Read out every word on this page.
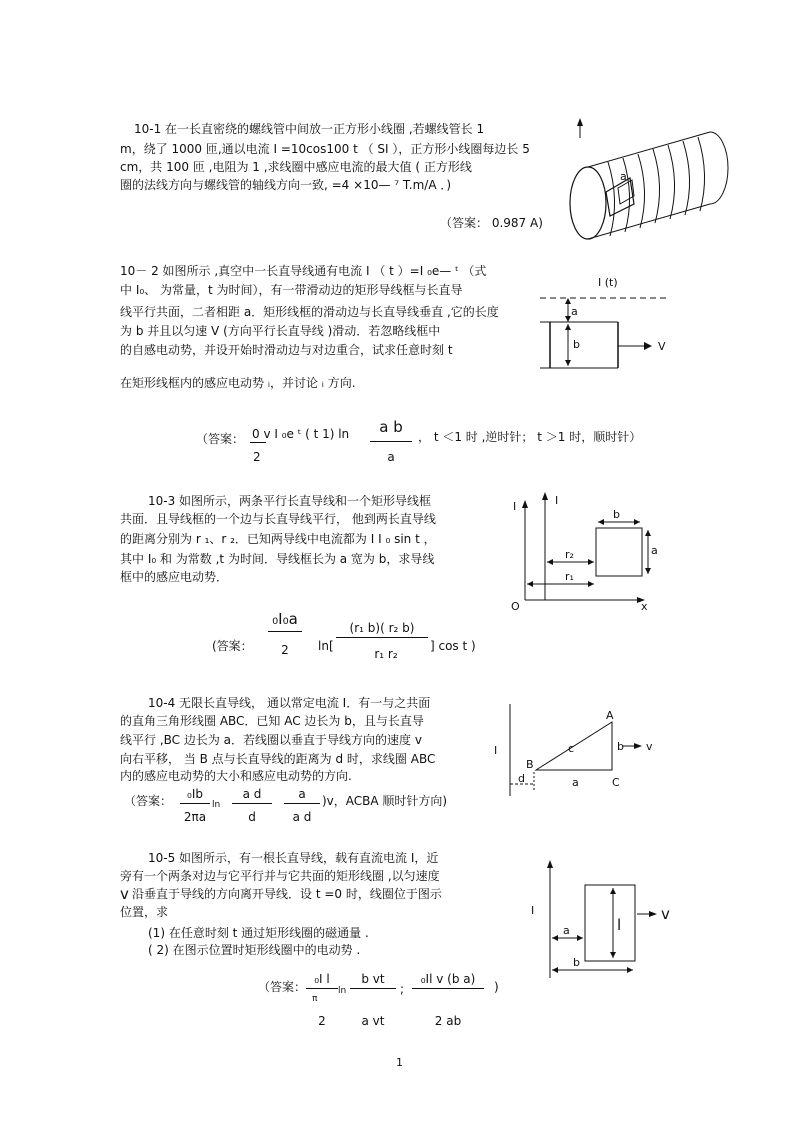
10-1 在一长直密绕的螺线管中间放一正方形小线圈 ,若螺线管长 1
m，绕了 1000 匝,通以电流 I =10cos100 t （ SI ），正方形小线圈每边长 5
cm，共 100 匝 ,电阻为 1 ,求线圈中感应电流的最大值 ( 正方形线
圈的法线方向与螺线管的轴线方向一致, =4 ×10— ⁷ T.m/A ．)
（答案： 0.987 A)
a
10－ 2 如图所示 ,真空中一长直导线通有电流 I （ t ）=I ₀e— ᵗ （式
中 I₀、 为常量，t 为时间），有一带滑动边的矩形导线框与长直导
线平行共面，二者相距 a．矩形线框的滑动边与长直导线垂直 ,它的长度
为 b 并且以匀速 V (方向平行长直导线 )滑动．若忽略线框中
的自感电动势，并设开始时滑动边与对边重合，试求任意时刻 t
在矩形线框内的感应电动势 ᵢ，并讨论 ᵢ 方向.
（答案： 0 v I ₀e ᵗ ( t 1) ln
2
a b
a
， t ＜1 时 ,逆时针； t ＞1 时，顺时针）
I (t)
a
b	V
10-3 如图所示，两条平行长直导线和一个矩形导线框
共面．且导线框的一个边与长直导线平行， 他到两长直导线
的距离分别为 r ₁、r ₂．已知两导线中电流都为 I I ₀ sin t ，
其中 I₀ 和 为常数 ,t 为时间．导线框长为 a 宽为 b，求导线
框中的感应电动势．
(答案：
₀I₀a
2	ln[
(r₁ b)( r₂ b)
r₁ r₂
] cos t )
I	I
O	x
b
a
r₂
r₁
10-4 无限长直导线， 通以常定电流 I．有一与之共面
的直角三角形线圈 ABC．已知 AC 边长为 b，且与长直导
线平行 ,BC 边长为 a．若线圈以垂直于导线方向的速度 v
向右平移， 当 B 点与长直导线的距离为 d 时，求线圈 ABC
内的感应电动势的大小和感应电动势的方向.
（答案：	₀Ib
ln
2πa
a d
d
a
a d
)v，ACBA 顺时针方向)
I
A
B
C
c	b v
a
d
10-5 如图所示，有一根长直导线，载有直流电流 I，近
旁有一个两条对边与它平行并与它共面的矩形线圈 ,以匀速度
v 沿垂直于导线的方向离开导线．设 t =0 时，线圈位于图示
位置，求
(1) 在任意时刻 t 通过矩形线圈的磁通量 .
( 2) 在图示位置时矩形线圈中的电动势 .
（答案：
₀I l
π
ln
2
b vt
a vt
;
₀Il v (b a)
2 ab
)
I
a	l
b
v
1
